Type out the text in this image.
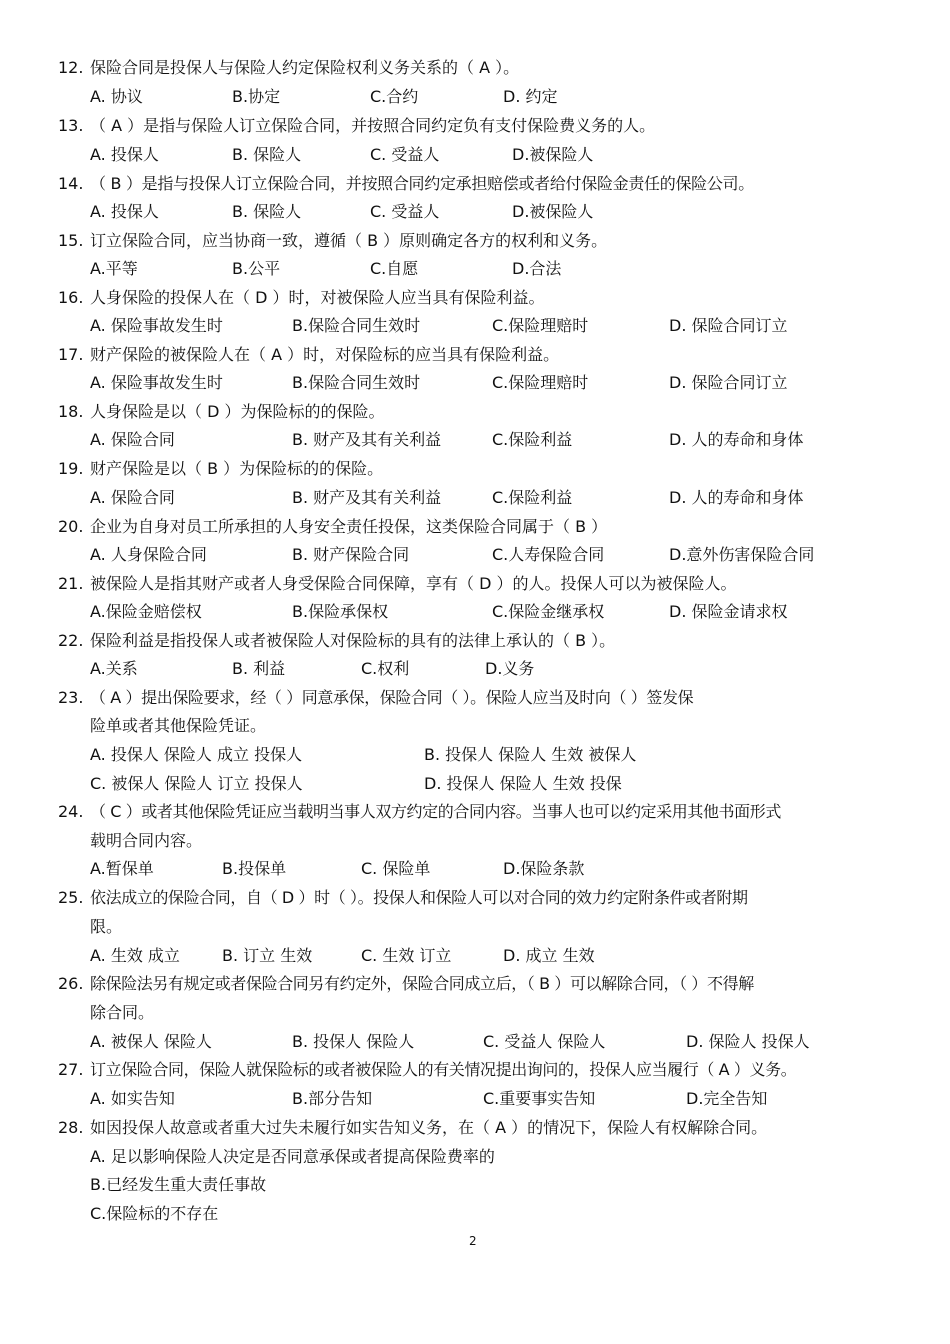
12. 保险合同是投保人与保险人约定保险权利义务关系的（ A ）。
A. 协议	B.协定	C.合约	D. 约定
13. （ A ）是指与保险人订立保险合同，并按照合同约定负有支付保险费义务的人。
A. 投保人	B. 保险人	C. 受益人	D.被保险人
14. （ B ）是指与投保人订立保险合同，并按照合同约定承担赔偿或者给付保险金责任的保险公司。
A. 投保人	B. 保险人	C. 受益人	D.被保险人
15. 订立保险合同，应当协商一致，遵循（ B ）原则确定各方的权利和义务。
A.平等	B.公平	C.自愿	D.合法
16. 人身保险的投保人在（ D ）时，对被保险人应当具有保险利益。
A. 保险事故发生时	B.保险合同生效时	C.保险理赔时	D. 保险合同订立
17. 财产保险的被保险人在（ A ）时，对保险标的应当具有保险利益。
A. 保险事故发生时	B.保险合同生效时	C.保险理赔时	D. 保险合同订立
18. 人身保险是以（ D ）为保险标的的保险。
A. 保险合同	B. 财产及其有关利益	C.保险利益	D. 人的寿命和身体
19. 财产保险是以（ B ）为保险标的的保险。
A. 保险合同	B. 财产及其有关利益	C.保险利益	D. 人的寿命和身体
20. 企业为自身对员工所承担的人身安全责任投保，这类保险合同属于（ B ）
A. 人身保险合同	B. 财产保险合同	C.人寿保险合同	D.意外伤害保险合同
21. 被保险人是指其财产或者人身受保险合同保障，享有（ D ）的人。投保人可以为被保险人。
A.保险金赔偿权	B.保险承保权	C.保险金继承权	D. 保险金请求权
22. 保险利益是指投保人或者被保险人对保险标的具有的法律上承认的（ B ）。
A.关系	B. 利益	C.权利	D.义务
23. （ A ）提出保险要求，经（ ）同意承保，保险合同（ ）。保险人应当及时向（ ）签发保
险单或者其他保险凭证。
A. 投保人 保险人 成立 投保人	B. 投保人 保险人 生效 被保人
C. 被保人 保险人 订立 投保人	D. 投保人 保险人 生效 投保
24. （ C ）或者其他保险凭证应当载明当事人双方约定的合同内容。当事人也可以约定采用其他书面形式
载明合同内容。
A.暂保单	B.投保单	C. 保险单	D.保险条款
25. 依法成立的保险合同，自（ D ）时（ ）。投保人和保险人可以对合同的效力约定附条件或者附期
限。
A. 生效 成立	B. 订立 生效	C. 生效 订立	D. 成立 生效
26. 除保险法另有规定或者保险合同另有约定外，保险合同成立后，（ B ）可以解除合同，（ ）不得解
除合同。
A. 被保人 保险人	B. 投保人 保险人	C. 受益人 保险人	D. 保险人 投保人
27. 订立保险合同，保险人就保险标的或者被保险人的有关情况提出询问的，投保人应当履行（ A ）义务。
A. 如实告知	B.部分告知	C.重要事实告知	D.完全告知
28. 如因投保人故意或者重大过失未履行如实告知义务，在（ A ）的情况下，保险人有权解除合同。
A. 足以影响保险人决定是否同意承保或者提高保险费率的
B.已经发生重大责任事故
C.保险标的不存在
2
